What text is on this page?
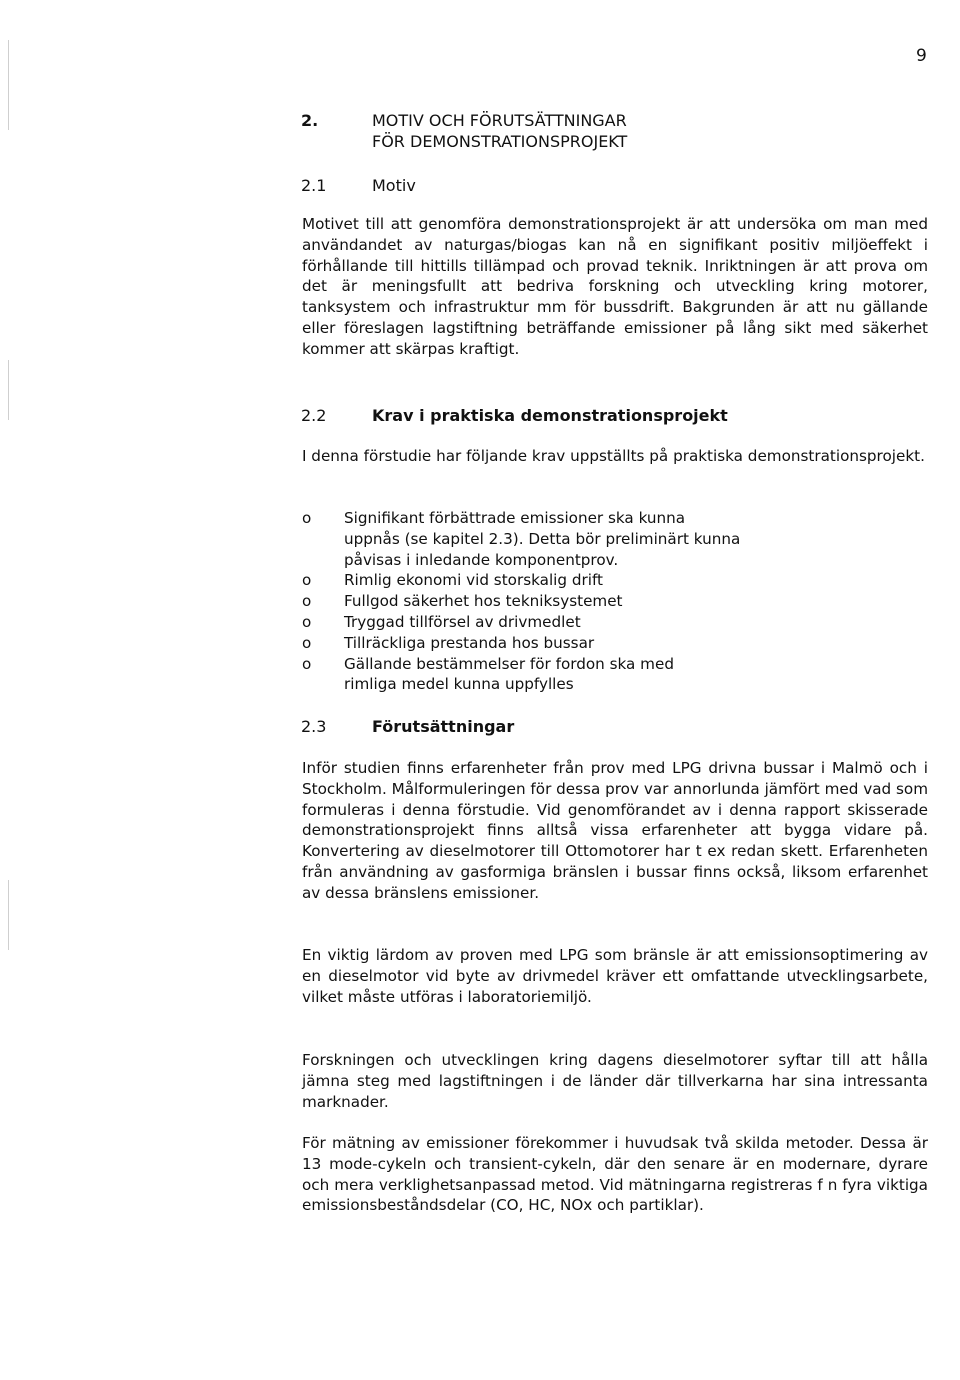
9
2.	MOTIV OCH FÖRUTSÄTTNINGAR
FÖR DEMONSTRATIONSPROJEKT
2.1	Motiv

Motivet till att genomföra demonstrationsprojekt är att undersöka om man med användandet av naturgas/biogas kan nå en signifikant positiv miljöeffekt i förhållande till hittills tillämpad och provad teknik. Inriktningen är att prova om det är meningsfullt att bedriva forskning och utveckling kring motorer, tanksystem och infrastruktur mm för bussdrift. Bakgrunden är att nu gällande eller föreslagen lagstiftning beträffande emissioner på lång sikt med säkerhet kommer att skärpas kraftigt.

2.2	Krav i praktiska demonstrationsprojekt

I denna förstudie har följande krav uppställts på praktiska demonstrationsprojekt.

o Signifikant förbättrade emissioner ska kunna uppnås (se kapitel 2.3). Detta bör preliminärt kunna påvisas i inledande komponentprov.
o Rimlig ekonomi vid storskalig drift
o Fullgod säkerhet hos tekniksystemet
o Tryggad tillförsel av drivmedlet
o Tillräckliga prestanda hos bussar
o Gällande bestämmelser för fordon ska med rimliga medel kunna uppfylles
2.3	Förutsättningar

Inför studien finns erfarenheter från prov med LPG drivna bussar i Malmö och i Stockholm. Målformuleringen för dessa prov var annorlunda jämfört med vad som formuleras i denna förstudie. Vid genomförandet av i denna rapport skisserade demonstrationsprojekt finns alltså vissa erfarenheter att bygga vidare på. Konvertering av dieselmotorer till Ottomotorer har t ex redan skett. Erfarenheten från användning av gasformiga bränslen i bussar finns också, liksom erfarenhet av dessa bränslens emissioner.

En viktig lärdom av proven med LPG som bränsle är att emissionsoptimering av en dieselmotor vid byte av drivmedel kräver ett omfattande utvecklingsarbete, vilket måste utföras i laboratoriemiljö.

Forskningen och utvecklingen kring dagens dieselmotorer syftar till att hålla jämna steg med lagstiftningen i de länder där tillverkarna har sina intressanta marknader.

För mätning av emissioner förekommer i huvudsak två skilda metoder. Dessa är 13 mode-cykeln och transient-cykeln, där den senare är en modernare, dyrare och mera verklighetsanpassad metod. Vid mätningarna registreras f n fyra viktiga emissionsbeståndsdelar (CO, HC, NOx och partiklar).
